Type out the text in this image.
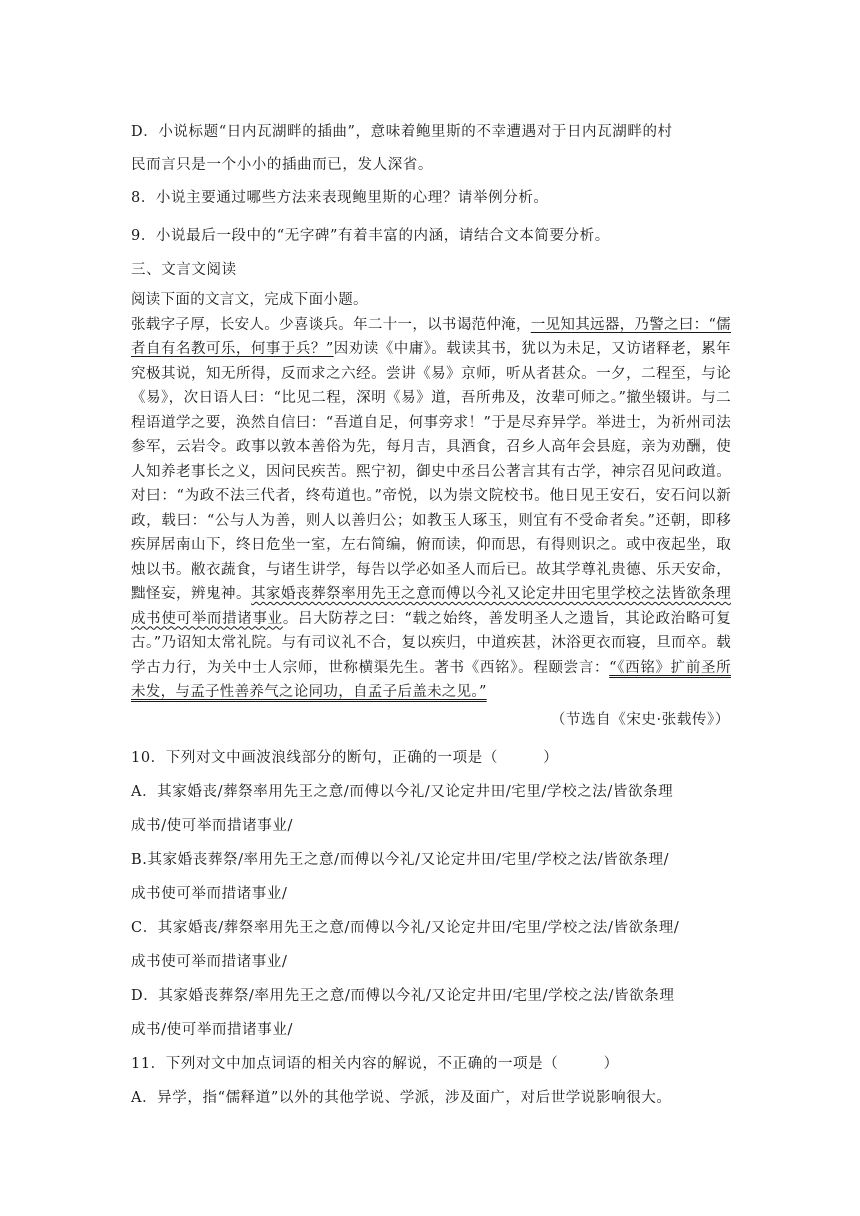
D．小说标题“日内瓦湖畔的插曲”，意味着鲍里斯的不幸遭遇对于日内瓦湖畔的村
民而言只是一个小小的插曲而已，发人深省。
8．小说主要通过哪些方法来表现鲍里斯的心理？请举例分析。
9．小说最后一段中的“无字碑”有着丰富的内涵，请结合文本简要分析。
三、文言文阅读
阅读下面的文言文，完成下面小题。
张载字子厚，长安人。少喜谈兵。年二十一，以书谒范仲淹，一见知其远器，乃警之曰：“儒者自有名教可乐，何事于兵？”因劝读《中庸》。载读其书，犹以为未足，又访诸释老，累年究极其说，知无所得，反而求之六经。尝讲《易》京师，听从者甚众。一夕，二程至，与论《易》，次日语人曰：“比见二程，深明《易》道，吾所弗及，汝辈可师之。”撤坐辍讲。与二程语道学之要，涣然自信曰：“吾道自足，何事旁求！”于是尽弃异学。举进士，为祈州司法参军，云岩令。政事以敦本善俗为先，每月吉，具酒食，召乡人高年会县庭，亲为劝酬，使人知养老事长之义，因问民疾苦。熙宁初，御史中丞吕公著言其有古学，神宗召见问政道。对曰：“为政不法三代者，终苟道也。”帝悦，以为崇文院校书。他日见王安石，安石问以新政，载曰：“公与人为善，则人以善归公；如教玉人琢玉，则宜有不受命者矣。”还朝，即移疾屏居南山下，终日危坐一室，左右简编，俯而读，仰而思，有得则识之。或中夜起坐，取烛以书。敝衣蔬食，与诸生讲学，每告以学必如圣人而后已。故其学尊礼贵德、乐天安命，黜怪妄，辨鬼神。其家婚丧葬祭率用先王之意而傅以今礼又论定井田宅里学校之法皆欲条理成书使可举而措诸事业。吕大防荐之曰：“载之始终，善发明圣人之遗旨，其论政治略可复古。”乃诏知太常礼院。与有司议礼不合，复以疾归，中道疾甚，沐浴更衣而寝，旦而卒。载学古力行，为关中士人宗师，世称横渠先生。著书《西铭》。程颐尝言：“《西铭》扩前圣所未发，与孟子性善养气之论同功，自孟子后盖未之见。”
（节选自《宋史·张载传》）
10．下列对文中画波浪线部分的断句，正确的一项是（　　　）
A．其家婚丧/葬祭率用先王之意/而傅以今礼/又论定井田/宅里/学校之法/皆欲条理
成书/使可举而措诸事业/
B.其家婚丧葬祭/率用先王之意/而傅以今礼/又论定井田/宅里/学校之法/皆欲条理/
成书使可举而措诸事业/
C．其家婚丧/葬祭率用先王之意/而傅以今礼/又论定井田/宅里/学校之法/皆欲条理/
成书使可举而措诸事业/
D．其家婚丧葬祭/率用先王之意/而傅以今礼/又论定井田/宅里/学校之法/皆欲条理
成书/使可举而措诸事业/
11．下列对文中加点词语的相关内容的解说，不正确的一项是（　　　）
A．异学，指“儒释道”以外的其他学说、学派，涉及面广，对后世学说影响很大。
